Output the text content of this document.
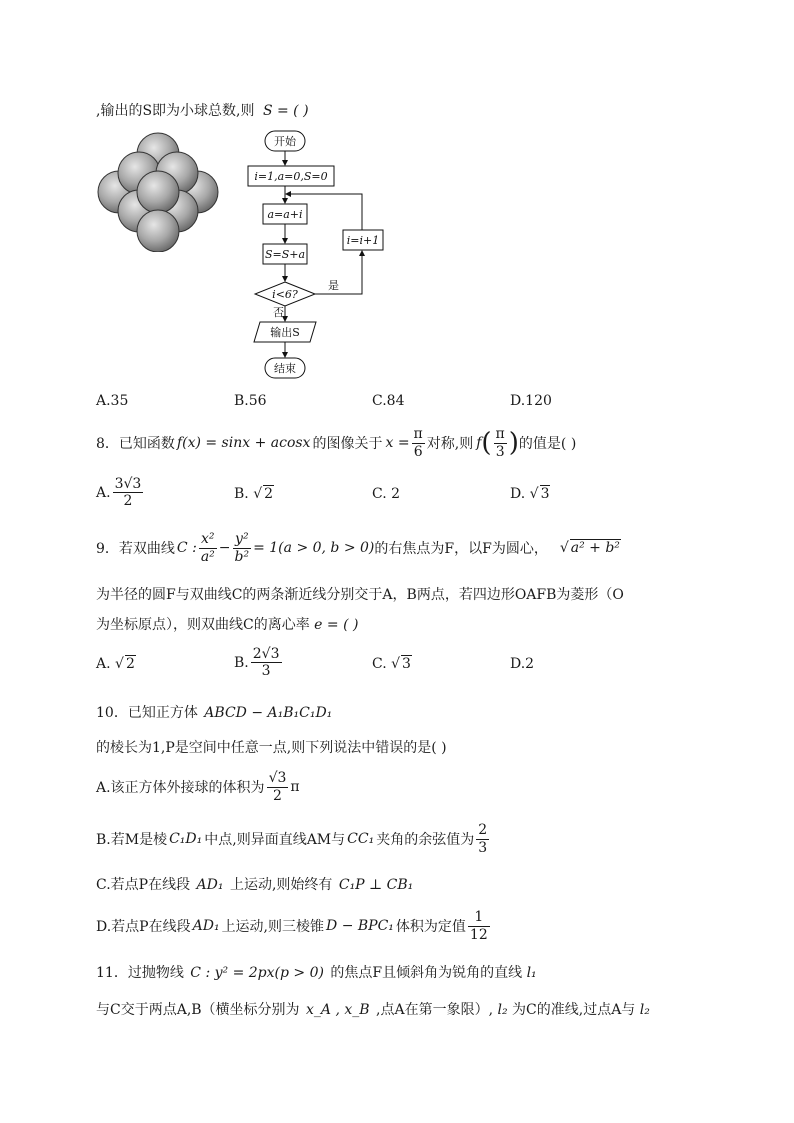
,输出的S即为小球总数,则 S = ( )
开始
i=1,a=0,S=0
a=a+i
S=S+a
i<6?
是
i=i+1
否
输出S
结束
A.35	B.56	C.84	D.120
8．已知函数 f(x) = sinx + acosx 的图像关于 $x = \frac{\pi}{6}$ 对称,则 f ( $\frac{\pi}{3}$ ) 的值是( )
A. $\frac{3√3}{2}$	B. √ 2	C. 2	D. √ 3
9．若双曲线 C : $\frac{\text{x²}}{\text{a²}} - \frac{\text{y²}}{\text{b²}} = 1(a > 0$, b > 0) 的右焦点为F，以F为圆心， √ a² + b²
为半径的圆F与双曲线C的两条渐近线分别交于A，B两点，若四边形OAFB为菱形（O
为坐标原点），则双曲线C的离心率 e = ( )
A. √ 2	B. $\frac{2√3}{3}$	C. √ 3	D.2
10．已知正方体 ABCD − A₁B₁C₁D₁
的棱长为1,P是空间中任意一点,则下列说法中错误的是( )
A.该正方体外接球的体积为 $\frac{√3}{2}$ π
B.若M是棱 C₁D₁ 中点,则异面直线AM与 CC₁ 夹角的余弦值为 $\frac{2}{3}$
C.若点P在线段 AD₁ 上运动,则始终有 C₁P ⊥ CB₁
D.若点P在线段 AD₁ 上运动,则三棱锥 D − BPC₁ 体积为定值 $\frac{1}{12}$
11．过抛物线 C : y² = 2px(p > 0) 的焦点F且倾斜角为锐角的直线 l₁
与C交于两点A,B（横坐标分别为 x_A , x_B ,点A在第一象限）, l₂ 为C的准线,过点A与 l₂
